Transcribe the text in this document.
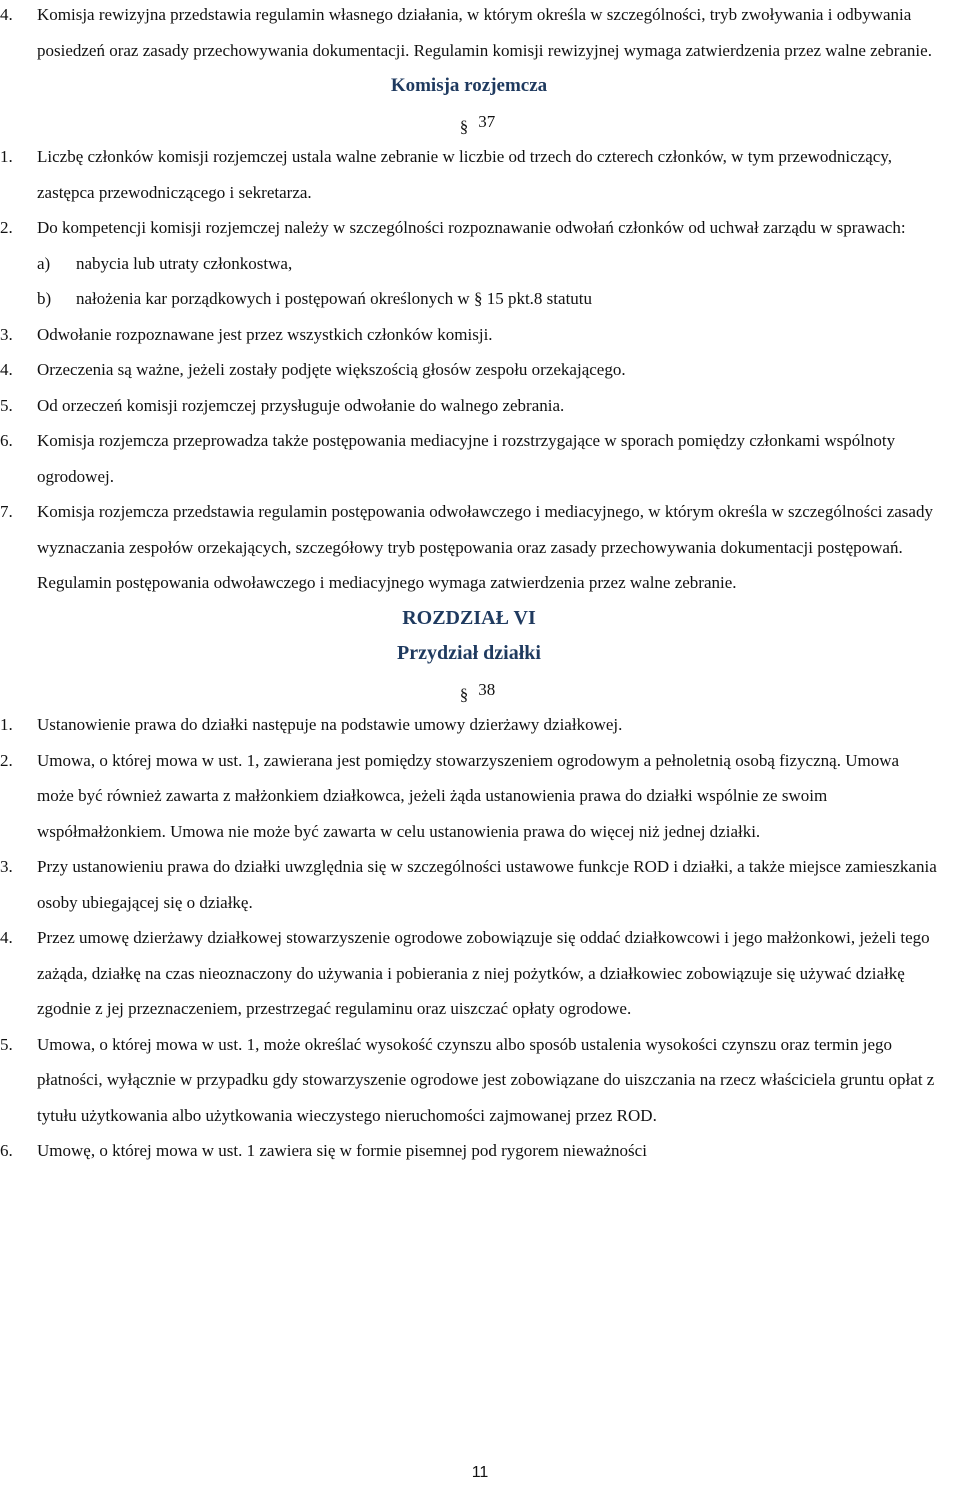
4. Komisja rewizyjna przedstawia regulamin własnego działania, w którym określa w szczególności, tryb zwoływania i odbywania posiedzeń oraz zasady przechowywania dokumentacji. Regulamin komisji rewizyjnej wymaga zatwierdzenia przez walne zebranie.
Komisja rozjemcza
§ 37
1. Liczbę członków komisji rozjemczej ustala walne zebranie w liczbie od trzech do czterech członków, w tym przewodniczący, zastępca przewodniczącego i sekretarza.
2. Do kompetencji komisji rozjemczej należy w szczególności rozpoznawanie odwołań członków od uchwał zarządu w sprawach:
a) nabycia lub utraty członkostwa,
b) nałożenia kar porządkowych i postępowań określonych w § 15 pkt.8 statutu
3. Odwołanie rozpoznawane jest przez wszystkich członków komisji.
4. Orzeczenia są ważne, jeżeli zostały podjęte większością głosów zespołu orzekającego.
5. Od orzeczeń komisji rozjemczej przysługuje odwołanie do walnego zebrania.
6. Komisja rozjemcza przeprowadza także postępowania mediacyjne i rozstrzygające w sporach pomiędzy członkami wspólnoty ogrodowej.
7. Komisja rozjemcza przedstawia regulamin postępowania odwoławczego i mediacyjnego, w którym określa w szczególności zasady wyznaczania zespołów orzekających, szczegółowy tryb postępowania oraz zasady przechowywania dokumentacji postępowań. Regulamin postępowania odwoławczego i mediacyjnego wymaga zatwierdzenia przez walne zebranie.
ROZDZIAŁ VI
Przydział działki
§ 38
1. Ustanowienie prawa do działki następuje na podstawie umowy dzierżawy działkowej.
2. Umowa, o której mowa w ust. 1, zawierana jest pomiędzy stowarzyszeniem ogrodowym a pełnoletnią osobą fizyczną. Umowa może być również zawarta z małżonkiem działkowca, jeżeli żąda ustanowienia prawa do działki wspólnie ze swoim współmałżonkiem. Umowa nie może być zawarta w celu ustanowienia prawa do więcej niż jednej działki.
3. Przy ustanowieniu prawa do działki uwzględnia się w szczególności ustawowe funkcje ROD i działki, a także miejsce zamieszkania osoby ubiegającej się o działkę.
4. Przez umowę dzierżawy działkowej stowarzyszenie ogrodowe zobowiązuje się oddać działkowcowi i jego małżonkowi, jeżeli tego zażąda, działkę na czas nieoznaczony do używania i pobierania z niej pożytków, a działkowiec zobowiązuje się używać działkę zgodnie z jej przeznaczeniem, przestrzegać regulaminu oraz uiszczać opłaty ogrodowe.
5. Umowa, o której mowa w ust. 1, może określać wysokość czynszu albo sposób ustalenia wysokości czynszu oraz termin jego płatności, wyłącznie w przypadku gdy stowarzyszenie ogrodowe jest zobowiązane do uiszczania na rzecz właściciela gruntu opłat z tytułu użytkowania albo użytkowania wieczystego nieruchomości zajmowanej przez ROD.
6. Umowę, o której mowa w ust. 1 zawiera się w formie pisemnej pod rygorem nieważności
11
